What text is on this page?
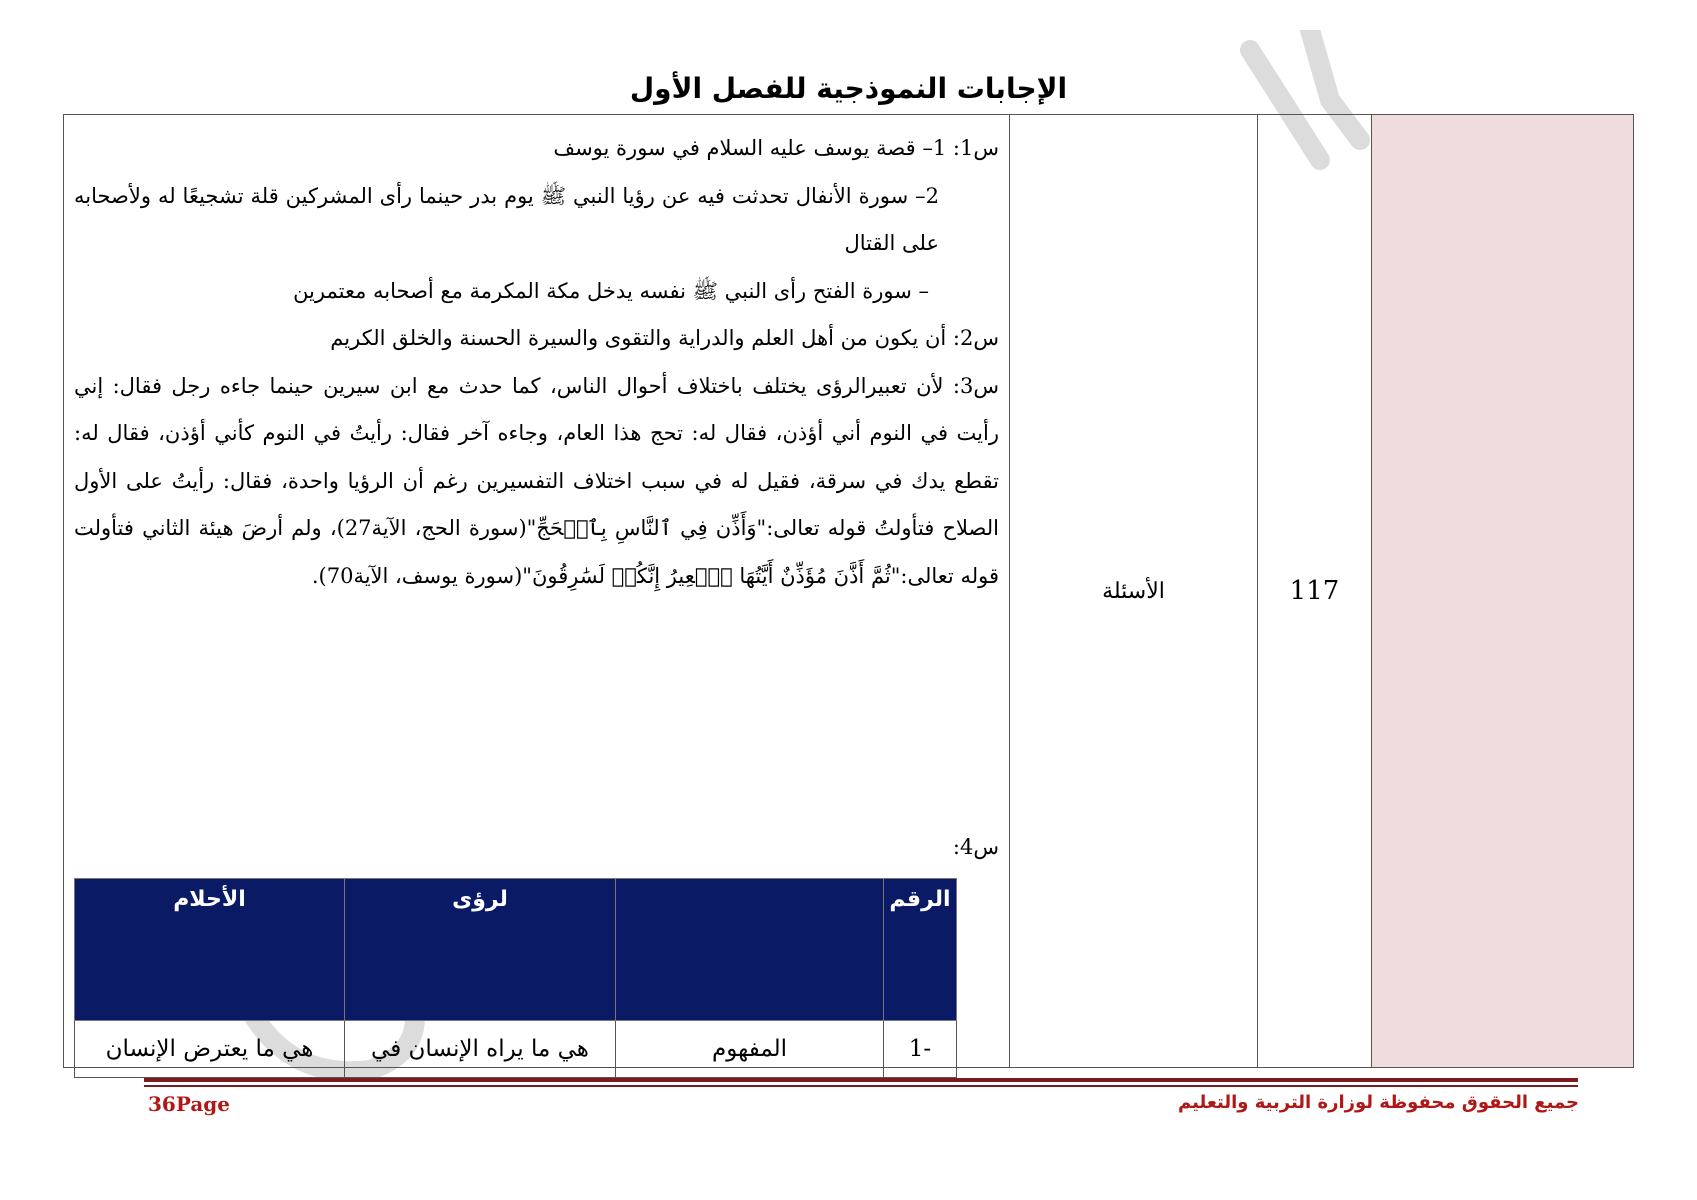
الإجابات النموذجية للفصل الأول
	117	الأسئلة	

س1: 1– قصة يوسف عليه السلام في سورة يوسف

2– سورة الأنفال تحدثت فيه عن رؤيا النبي ﷺ يوم بدر حينما رأى المشركين قلة تشجيعًا له ولأصحابه على القتال

– سورة الفتح رأى النبي ﷺ نفسه يدخل مكة المكرمة مع أصحابه معتمرين

س2: أن يكون من أهل العلم والدراية والتقوى والسيرة الحسنة والخلق الكريم

س3: لأن تعبيرالرؤى يختلف باختلاف أحوال الناس، كما حدث مع ابن سيرين حينما جاءه رجل فقال: إني رأيت في النوم أني أؤذن، فقال له: تحج هذا العام، وجاءه آخر فقال: رأيتُ في النوم كأني أؤذن، فقال له: تقطع يدك في سرقة، فقيل له في سبب اختلاف التفسيرين رغم أن الرؤيا واحدة، فقال: رأيتُ على الأول الصلاح فتأولتُ قوله تعالى:"وَأَذِّن فِي ٱلنَّاسِ بِٱلۡحَجِّ"(سورة الحج، الآية27)، ولم أرضَ هيئة الثاني فتأولت قوله تعالى:"ثُمَّ أَذَّنَ مُؤَذِّنٌ أَيَّتُهَا ٱلۡعِيرُ إِنَّكُمۡ لَسَٰرِقُونَ"(سورة يوسف، الآية70).

س4:
الرقم		لرؤى	الأحلام
-1	المفهوم	هي ما يراه الإنسان في	هي ما يعترض الإنسان
جميع الحقوق محفوظة لوزارة التربية والتعليم
36Page
